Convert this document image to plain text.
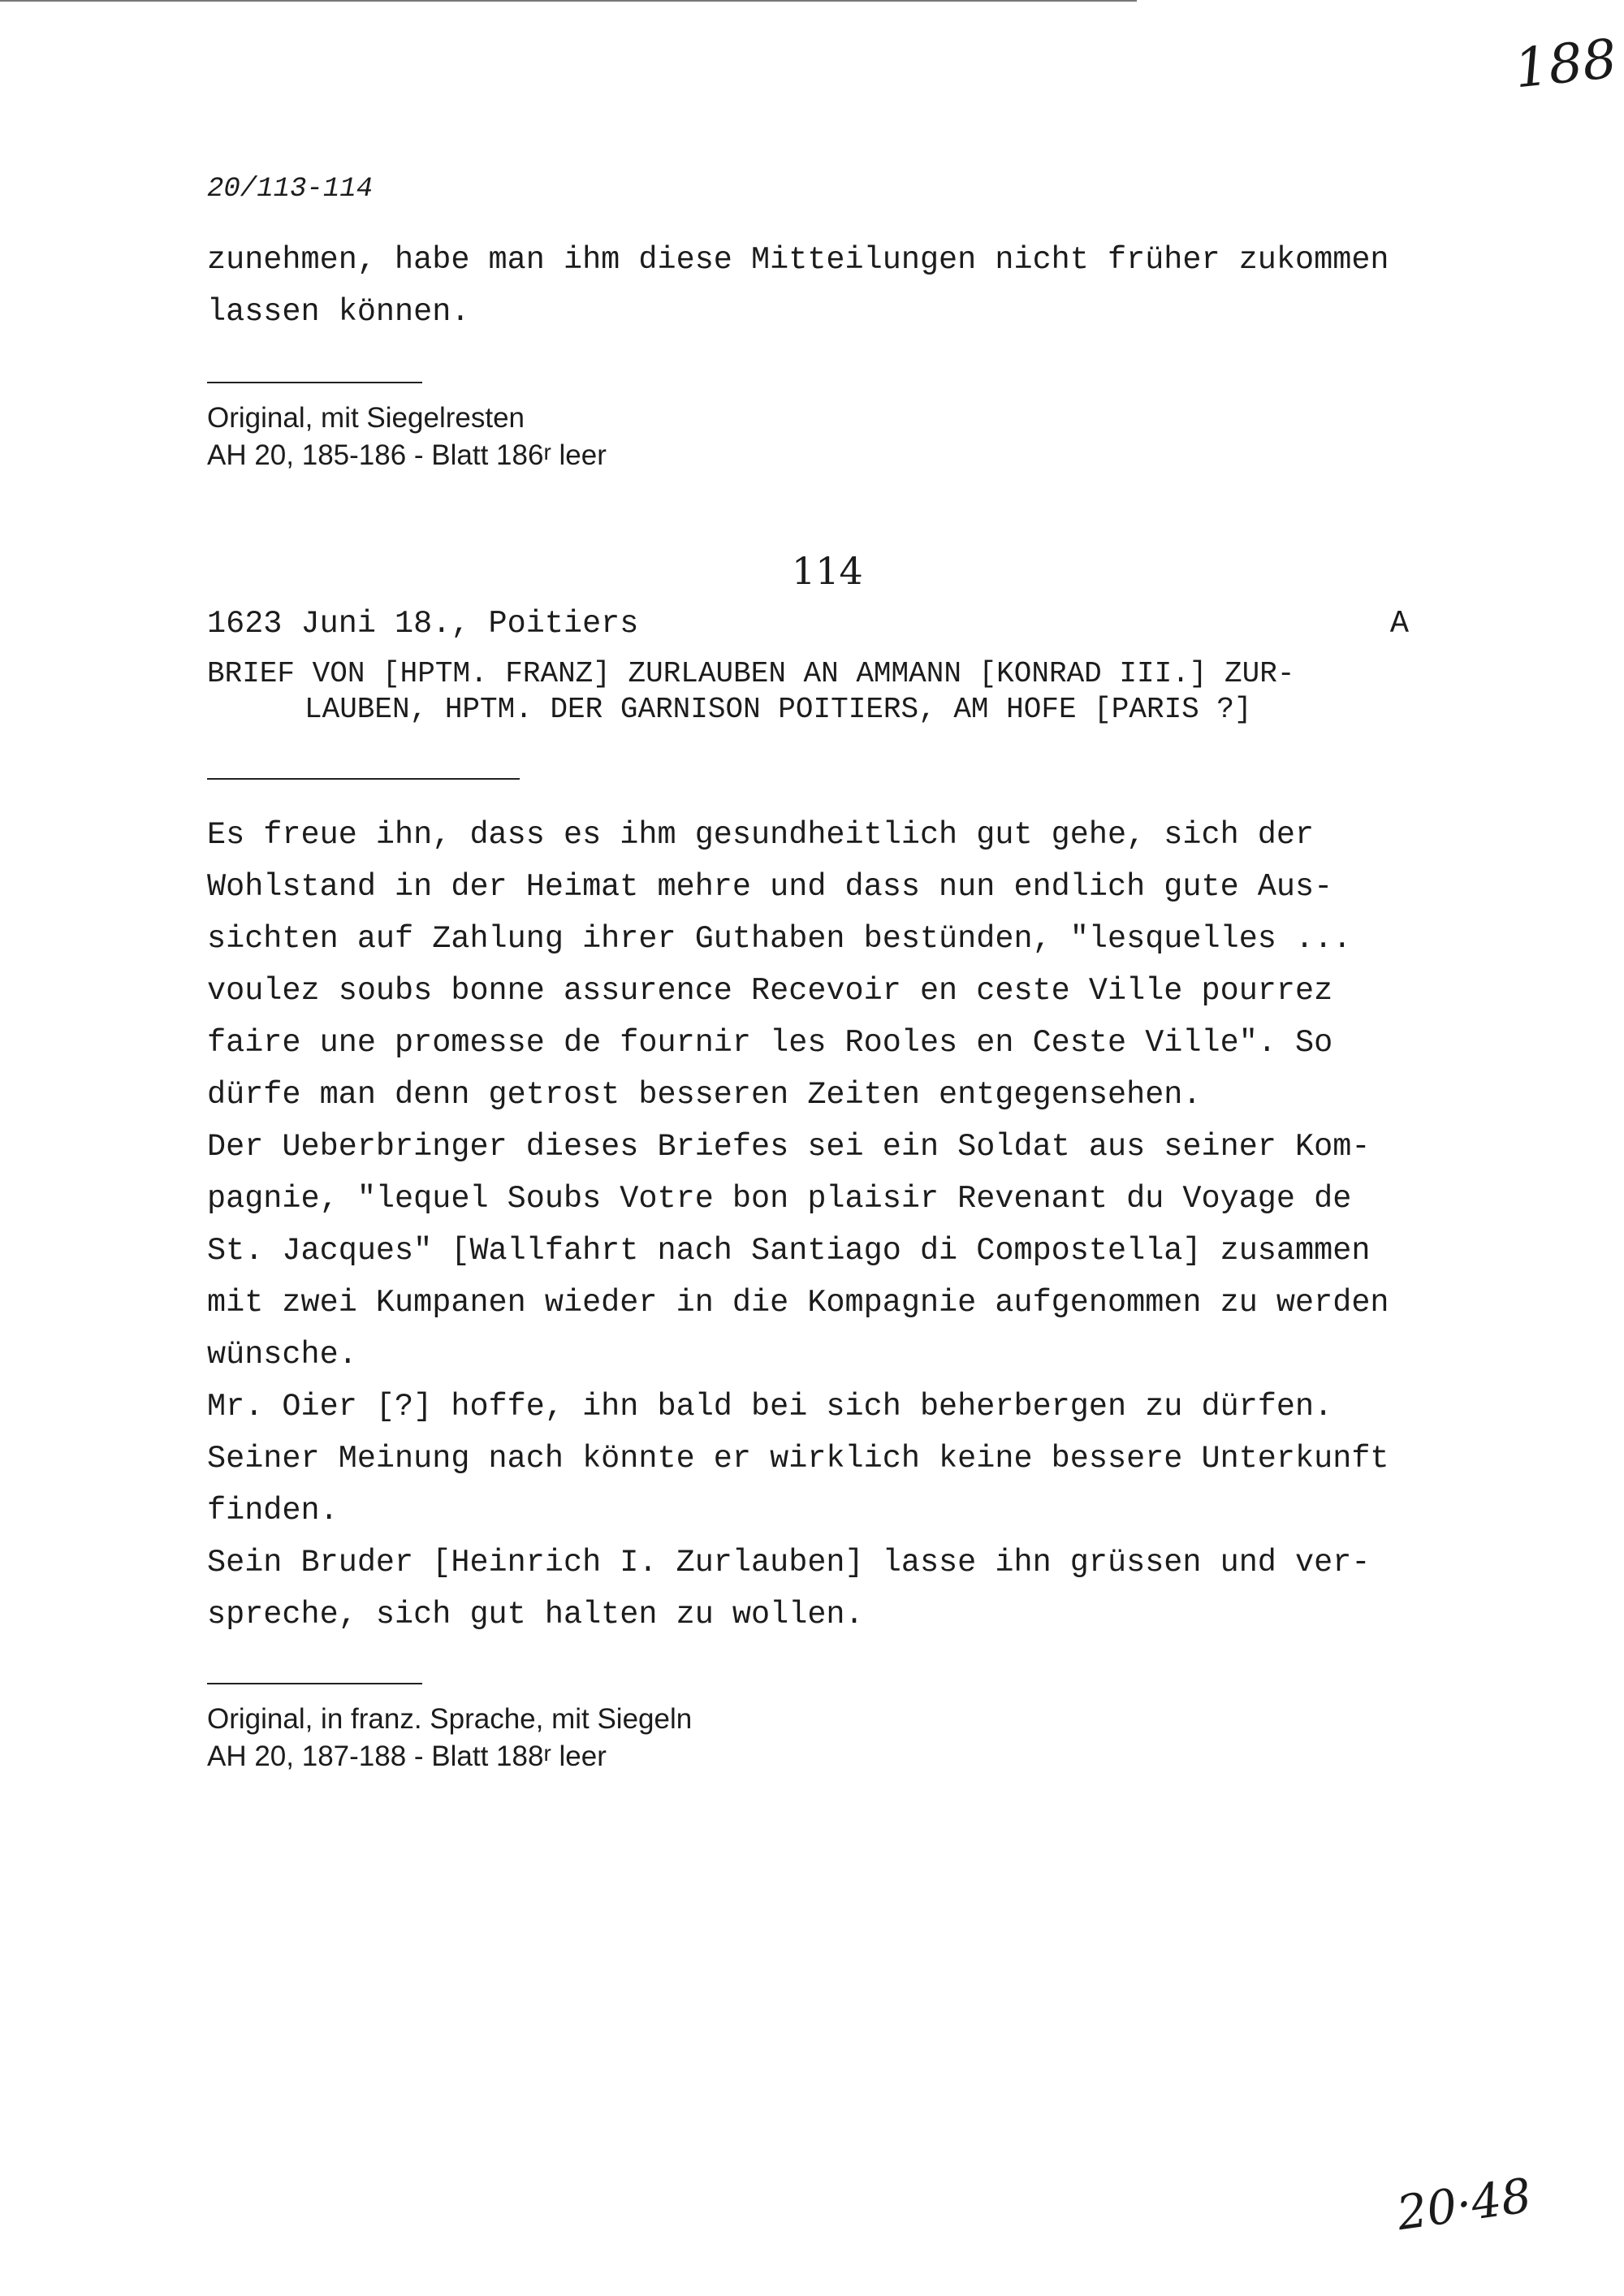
188
20/113-114
zunehmen, habe man ihm diese Mitteilungen nicht früher zukommen
lassen können.
Original, mit Siegelresten
AH 20, 185-186 - Blatt 186$^r$ leer
114
1623 Juni 18., Poitiers	A
BRIEF VON [HPTM. FRANZ] ZURLAUBEN AN AMMANN [KONRAD III.] ZUR-
LAUBEN, HPTM. DER GARNISON POITIERS, AM HOFE [PARIS ?]
Es freue ihn, dass es ihm gesundheitlich gut gehe, sich der
Wohlstand in der Heimat mehre und dass nun endlich gute Aus-
sichten auf Zahlung ihrer Guthaben bestünden, "lesquelles ...
voulez soubs bonne assurence Recevoir en ceste Ville pourrez
faire une promesse de fournir les Rooles en Ceste Ville". So
dürfe man denn getrost besseren Zeiten entgegensehen.
Der Ueberbringer dieses Briefes sei ein Soldat aus seiner Kom-
pagnie, "lequel Soubs Votre bon plaisir Revenant du Voyage de
St. Jacques" [Wallfahrt nach Santiago di Compostella] zusammen
mit zwei Kumpanen wieder in die Kompagnie aufgenommen zu werden
wünsche.
Mr. Oier [?] hoffe, ihn bald bei sich beherbergen zu dürfen.
Seiner Meinung nach könnte er wirklich keine bessere Unterkunft
finden.
Sein Bruder [Heinrich I. Zurlauben] lasse ihn grüssen und ver-
spreche, sich gut halten zu wollen.
Original, in franz. Sprache, mit Siegeln
AH 20, 187-188 - Blatt 188$^r$ leer
20·48
